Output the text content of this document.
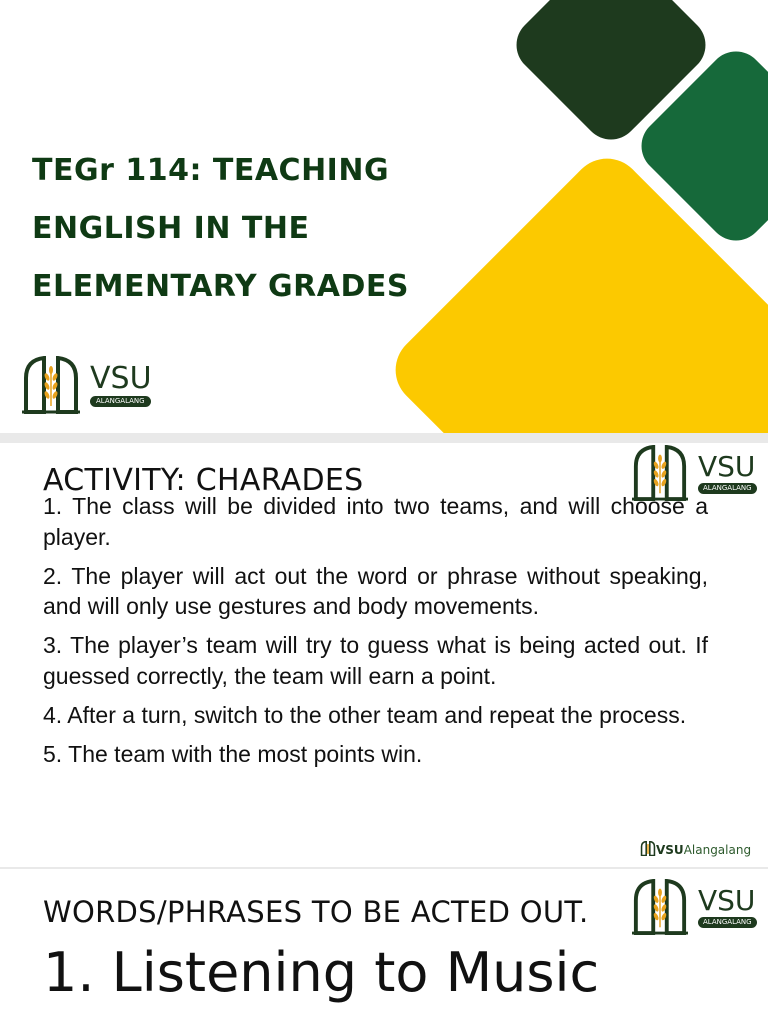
TEGr 114: TEACHING
ENGLISH IN THE
ELEMENTARY GRADES
VSU
ALANGALANG
ACTIVITY: CHARADES	VSU
ALANGALANG

1. The class will be divided into two teams, and will choose a player.

2. The player will act out the word or phrase without speaking, and will only use gestures and body movements.

3. The player’s team will try to guess what is being acted out. If guessed correctly, the team will earn a point.

4. After a turn, switch to the other team and repeat the process.

5. The team with the most points win.

VSU Alangalang
WORDS/PHRASES TO BE ACTED OUT.
1. Listening to Music
VSU
ALANGALANG
